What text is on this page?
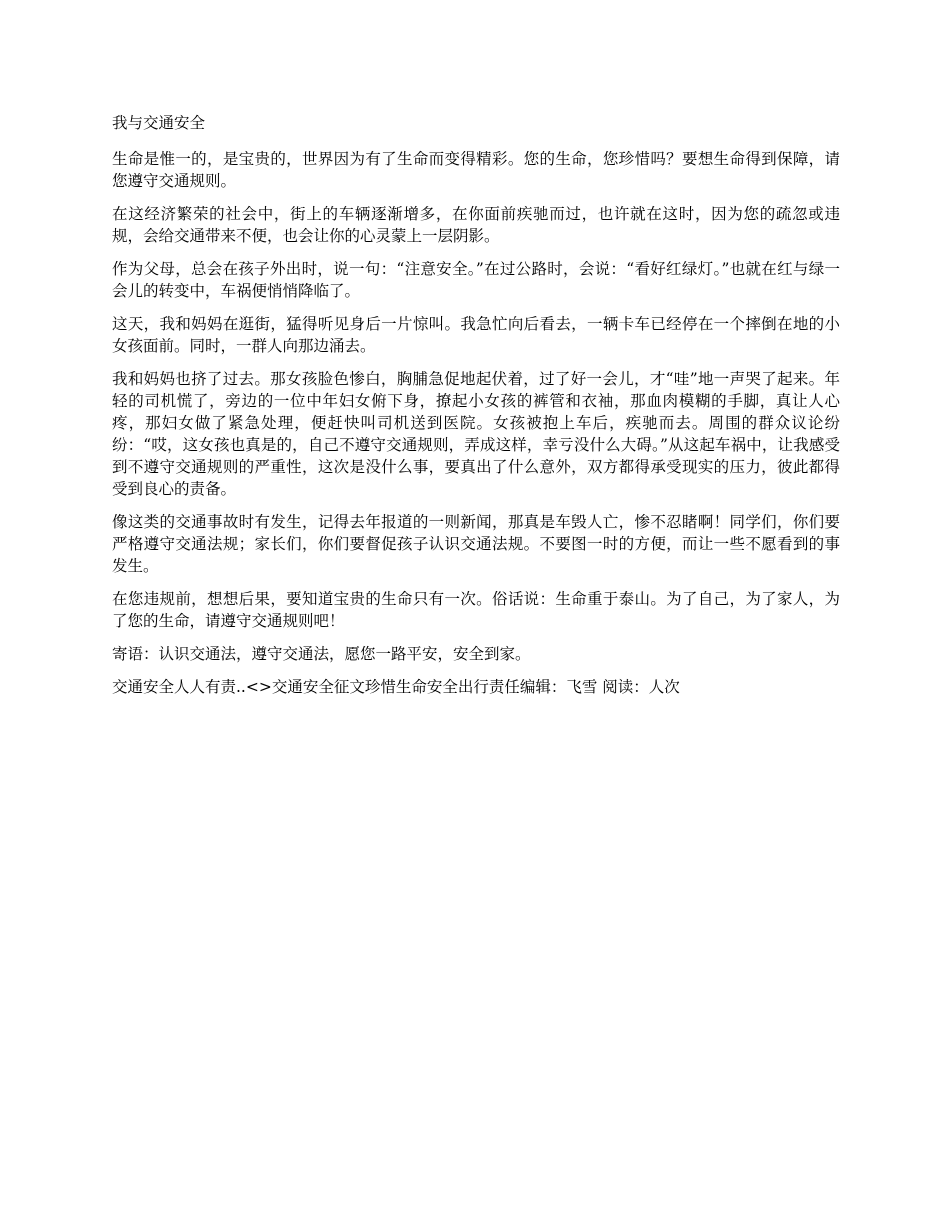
我与交通安全

生命是惟一的，是宝贵的，世界因为有了生命而变得精彩。您的生命，您珍惜吗？要想生命得到保障，请您遵守交通规则。

在这经济繁荣的社会中，街上的车辆逐渐增多，在你面前疾驰而过，也许就在这时，因为您的疏忽或违规，会给交通带来不便，也会让你的心灵蒙上一层阴影。

作为父母，总会在孩子外出时，说一句：“注意安全。”在过公路时，会说：“看好红绿灯。”也就在红与绿一会儿的转变中，车祸便悄悄降临了。

这天，我和妈妈在逛街，猛得听见身后一片惊叫。我急忙向后看去，一辆卡车已经停在一个摔倒在地的小女孩面前。同时，一群人向那边涌去。

我和妈妈也挤了过去。那女孩脸色惨白，胸脯急促地起伏着，过了好一会儿，才“哇”地一声哭了起来。年轻的司机慌了，旁边的一位中年妇女俯下身，撩起小女孩的裤管和衣袖，那血肉模糊的手脚，真让人心疼，那妇女做了紧急处理，便赶快叫司机送到医院。女孩被抱上车后，疾驰而去。周围的群众议论纷纷：“哎，这女孩也真是的，自己不遵守交通规则，弄成这样，幸亏没什么大碍。”从这起车祸中，让我感受到不遵守交通规则的严重性，这次是没什么事，要真出了什么意外，双方都得承受现实的压力，彼此都得受到良心的责备。

像这类的交通事故时有发生，记得去年报道的一则新闻，那真是车毁人亡，惨不忍睹啊！同学们，你们要严格遵守交通法规；家长们，你们要督促孩子认识交通法规。不要图一时的方便，而让一些不愿看到的事发生。

在您违规前，想想后果，要知道宝贵的生命只有一次。俗话说：生命重于泰山。为了自己，为了家人，为了您的生命，请遵守交通规则吧！

寄语：认识交通法，遵守交通法，愿您一路平安，安全到家。

交通安全人人有责..<>交通安全征文珍惜生命安全出行责任编辑：飞雪 阅读：人次
